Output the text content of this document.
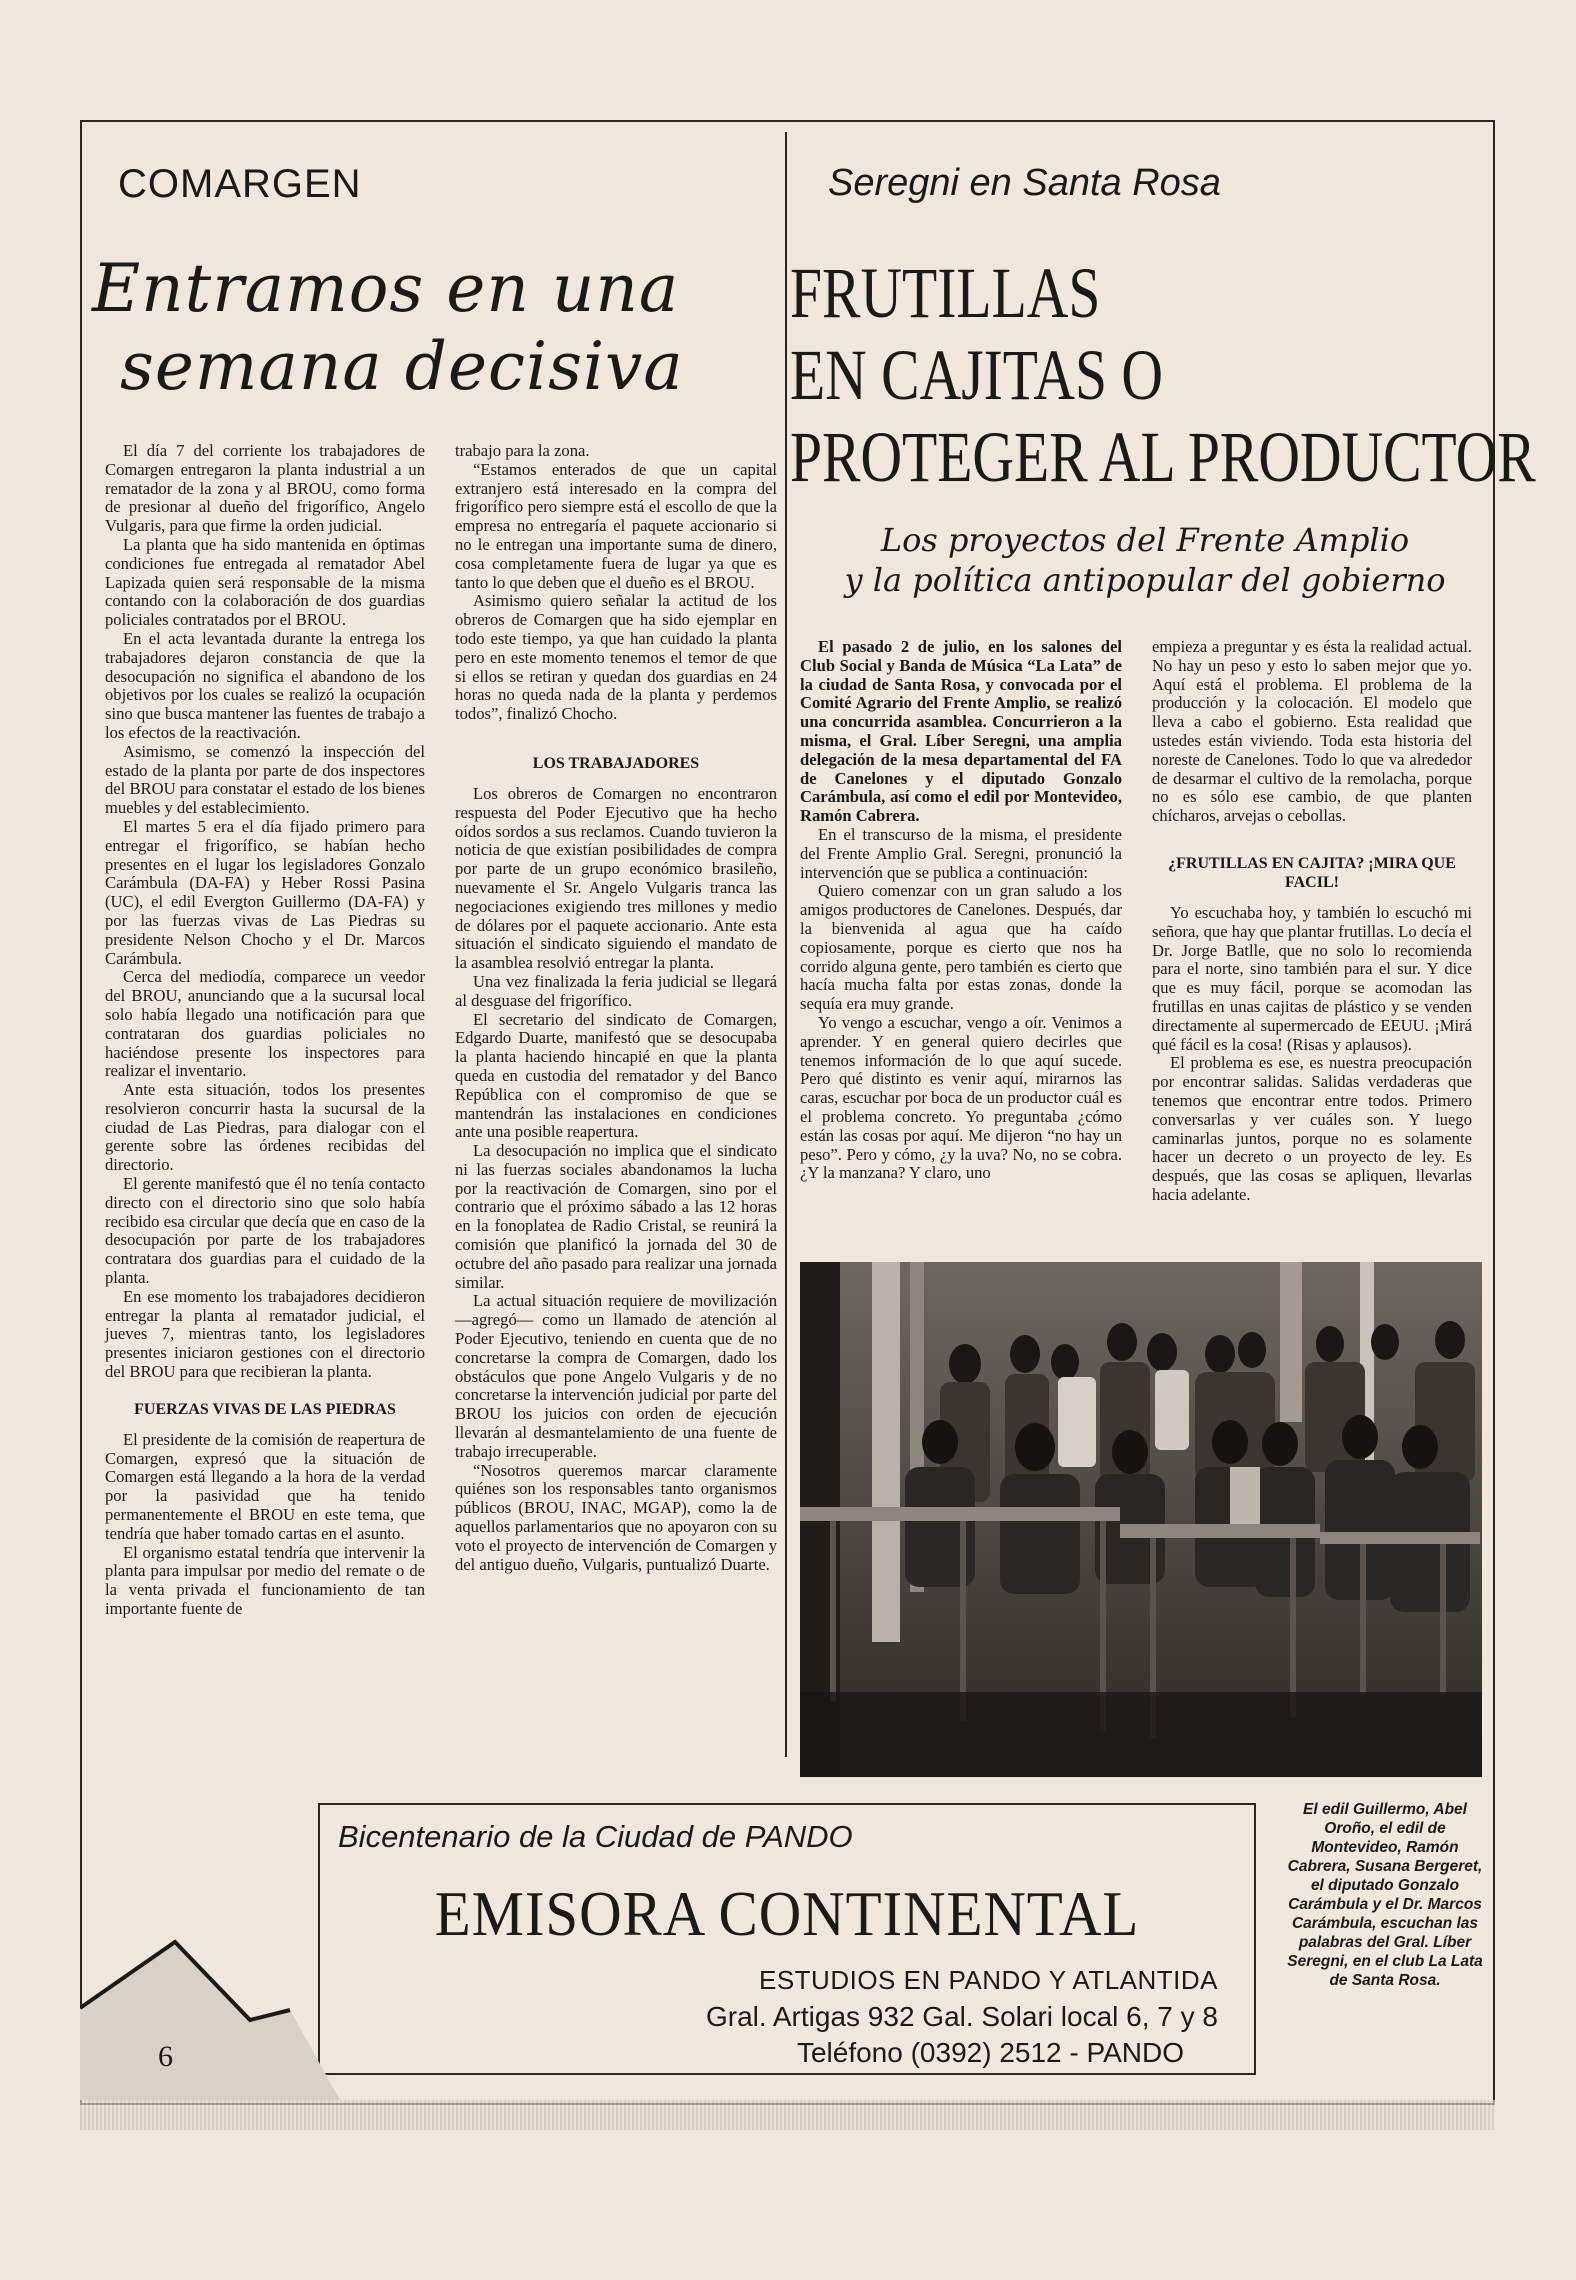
COMARGEN
Entramos en una
semana decisiva

El día 7 del corriente los trabajadores de Comargen entregaron la planta industrial a un rematador de la zona y al BROU, como forma de presionar al dueño del frigorífico, Angelo Vulgaris, para que firme la orden judicial.

La planta que ha sido mantenida en óptimas condiciones fue entregada al rematador Abel Lapizada quien será responsable de la misma contando con la colaboración de dos guardias policiales contratados por el BROU.

En el acta levantada durante la entrega los trabajadores dejaron constancia de que la desocupación no significa el abandono de los objetivos por los cuales se realizó la ocupación sino que busca mantener las fuentes de trabajo a los efectos de la reactivación.

Asimismo, se comenzó la inspección del estado de la planta por parte de dos inspectores del BROU para constatar el estado de los bienes muebles y del establecimiento.

El martes 5 era el día fijado primero para entregar el frigorífico, se habían hecho presentes en el lugar los legisladores Gonzalo Carámbula (DA-FA) y Heber Rossi Pasina (UC), el edil Evergton Guillermo (DA-FA) y por las fuerzas vivas de Las Piedras su presidente Nelson Chocho y el Dr. Marcos Carámbula.

Cerca del mediodía, comparece un veedor del BROU, anunciando que a la sucursal local solo había llegado una notificación para que contrataran dos guardias policiales no haciéndose presente los inspectores para realizar el inventario.

Ante esta situación, todos los presentes resolvieron concurrir hasta la sucursal de la ciudad de Las Piedras, para dialogar con el gerente sobre las órdenes recibidas del directorio.

El gerente manifestó que él no tenía contacto directo con el directorio sino que solo había recibido esa circular que decía que en caso de la desocupación por parte de los trabajadores contratara dos guardias para el cuidado de la planta.

En ese momento los trabajadores decidieron entregar la planta al rematador judicial, el jueves 7, mientras tanto, los legisladores presentes iniciaron gestiones con el directorio del BROU para que recibieran la planta.

FUERZAS VIVAS DE LAS PIEDRAS

El presidente de la comisión de reapertura de Comargen, expresó que la situación de Comargen está llegando a la hora de la verdad por la pasividad que ha tenido permanentemente el BROU en este tema, que tendría que haber tomado cartas en el asunto.

El organismo estatal tendría que intervenir la planta para impulsar por medio del remate o de la venta privada el funcionamiento de tan importante fuente de

trabajo para la zona.

“Estamos enterados de que un capital extranjero está interesado en la compra del frigorífico pero siempre está el escollo de que la empresa no entregaría el paquete accionario si no le entregan una importante suma de dinero, cosa completamente fuera de lugar ya que es tanto lo que deben que el dueño es el BROU.

Asimismo quiero señalar la actitud de los obreros de Comargen que ha sido ejemplar en todo este tiempo, ya que han cuidado la planta pero en este momento tenemos el temor de que si ellos se retiran y quedan dos guardias en 24 horas no queda nada de la planta y perdemos todos”, finalizó Chocho.

LOS TRABAJADORES

Los obreros de Comargen no encontraron respuesta del Poder Ejecutivo que ha hecho oídos sordos a sus reclamos. Cuando tuvieron la noticia de que existían posibilidades de compra por parte de un grupo económico brasileño, nuevamente el Sr. Angelo Vulgaris tranca las negociaciones exigiendo tres millones y medio de dólares por el paquete accionario. Ante esta situación el sindicato siguiendo el mandato de la asamblea resolvió entregar la planta.

Una vez finalizada la feria judicial se llegará al desguase del frigorífico.

El secretario del sindicato de Comargen, Edgardo Duarte, manifestó que se desocupaba la planta haciendo hincapié en que la planta queda en custodia del rematador y del Banco República con el compromiso de que se mantendrán las instalaciones en condiciones ante una posible reapertura.

La desocupación no implica que el sindicato ni las fuerzas sociales abandonamos la lucha por la reactivación de Comargen, sino por el contrario que el próximo sábado a las 12 horas en la fonoplatea de Radio Cristal, se reunirá la comisión que planificó la jornada del 30 de octubre del año pasado para realizar una jornada similar.

La actual situación requiere de movilización —agregó— como un llamado de atención al Poder Ejecutivo, teniendo en cuenta que de no concretarse la compra de Comargen, dado los obstáculos que pone Angelo Vulgaris y de no concretarse la intervención judicial por parte del BROU los juicios con orden de ejecución llevarán al desmantelamiento de una fuente de trabajo irrecuperable.

“Nosotros queremos marcar claramente quiénes son los responsables tanto organismos públicos (BROU, INAC, MGAP), como la de aquellos parlamentarios que no apoyaron con su voto el proyecto de intervención de Comargen y del antiguo dueño, Vulgaris, puntualizó Duarte.

Seregni en Santa Rosa
FRUTILLAS
EN CAJITAS O
PROTEGER AL PRODUCTOR
Los proyectos del Frente Amplio
y la política antipopular del gobierno

El pasado 2 de julio, en los salones del Club Social y Banda de Música “La Lata” de la ciudad de Santa Rosa, y convocada por el Comité Agrario del Frente Amplio, se realizó una concurrida asamblea. Concurrieron a la misma, el Gral. Líber Seregni, una amplia delegación de la mesa departamental del FA de Canelones y el diputado Gonzalo Carámbula, así como el edil por Montevideo, Ramón Cabrera.

En el transcurso de la misma, el presidente del Frente Amplio Gral. Seregni, pronunció la intervención que se publica a continuación:

Quiero comenzar con un gran saludo a los amigos productores de Canelones. Después, dar la bienvenida al agua que ha caído copiosamente, porque es cierto que nos ha corrido alguna gente, pero también es cierto que hacía mucha falta por estas zonas, donde la sequía era muy grande.

Yo vengo a escuchar, vengo a oír. Venimos a aprender. Y en general quiero decirles que tenemos información de lo que aquí sucede. Pero qué distinto es venir aquí, mirarnos las caras, escuchar por boca de un productor cuál es el problema concreto. Yo preguntaba ¿cómo están las cosas por aquí. Me dijeron “no hay un peso”. Pero y cómo, ¿y la uva? No, no se cobra. ¿Y la manzana? Y claro, uno

empieza a preguntar y es ésta la realidad actual. No hay un peso y esto lo saben mejor que yo. Aquí está el problema. El problema de la producción y la colocación. El modelo que lleva a cabo el gobierno. Esta realidad que ustedes están viviendo. Toda esta historia del noreste de Canelones. Todo lo que va alrededor de desarmar el cultivo de la remolacha, porque no es sólo ese cambio, de que planten chícharos, arvejas o cebollas.

¿FRUTILLAS EN CAJITA? ¡MIRA QUE FACIL!

Yo escuchaba hoy, y también lo escuchó mi señora, que hay que plantar frutillas. Lo decía el Dr. Jorge Batlle, que no solo lo recomienda para el norte, sino también para el sur. Y dice que es muy fácil, porque se acomodan las frutillas en unas cajitas de plástico y se venden directamente al supermercado de EEUU. ¡Mirá qué fácil es la cosa! (Risas y aplausos).

El problema es ese, es nuestra preocupación por encontrar salidas. Salidas verdaderas que tenemos que encontrar entre todos. Primero conversarlas y ver cuáles son. Y luego caminarlas juntos, porque no es solamente hacer un decreto o un proyecto de ley. Es después, que las cosas se apliquen, llevarlas hacia adelante.

El edil Guillermo, Abel Oroño, el edil de Montevideo, Ramón Cabrera, Susana Bergeret, el diputado Gonzalo Carámbula y el Dr. Marcos Carámbula, escuchan las palabras del Gral. Líber Seregni, en el club La Lata de Santa Rosa.
Bicentenario de la Ciudad de PANDO
EMISORA CONTINENTAL
ESTUDIOS EN PANDO Y ATLANTIDA
Gral. Artigas 932 Gal. Solari local 6, 7 y 8
Teléfono (0392) 2512 - PANDO
6
